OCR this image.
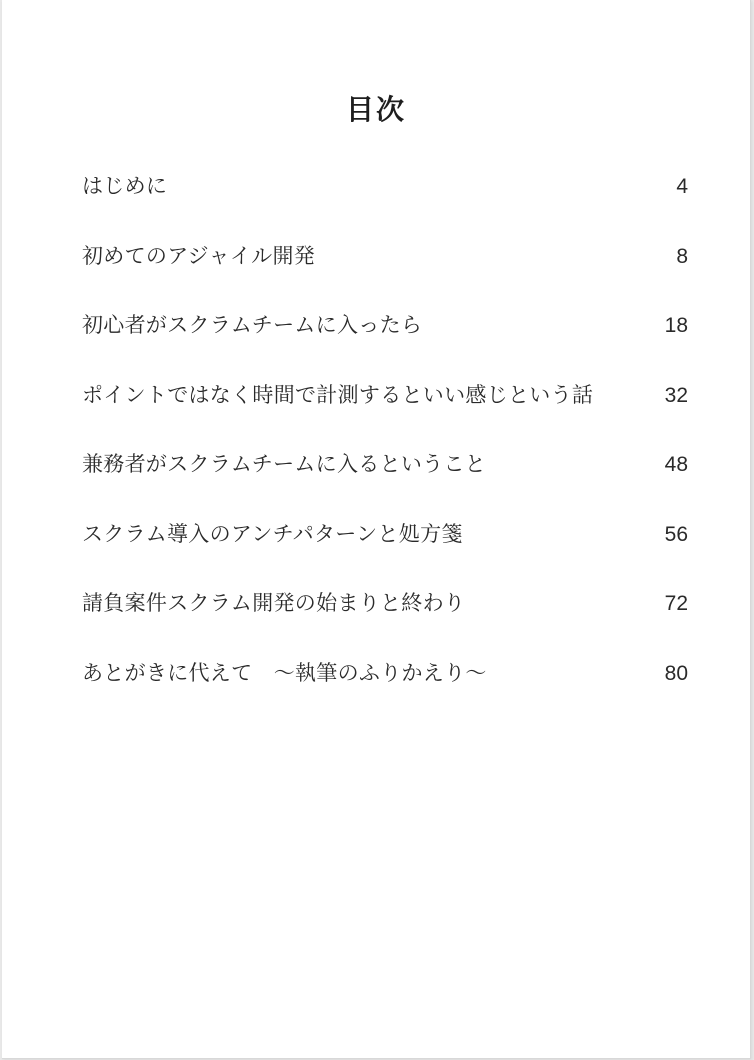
目次
はじめに	4
初めてのアジャイル開発	8
初心者がスクラムチームに入ったら	18
ポイントではなく時間で計測するといい感じという話	32
兼務者がスクラムチームに入るということ	48
スクラム導入のアンチパターンと処方箋	56
請負案件スクラム開発の始まりと終わり	72
あとがきに代えて　～執筆のふりかえり～	80
